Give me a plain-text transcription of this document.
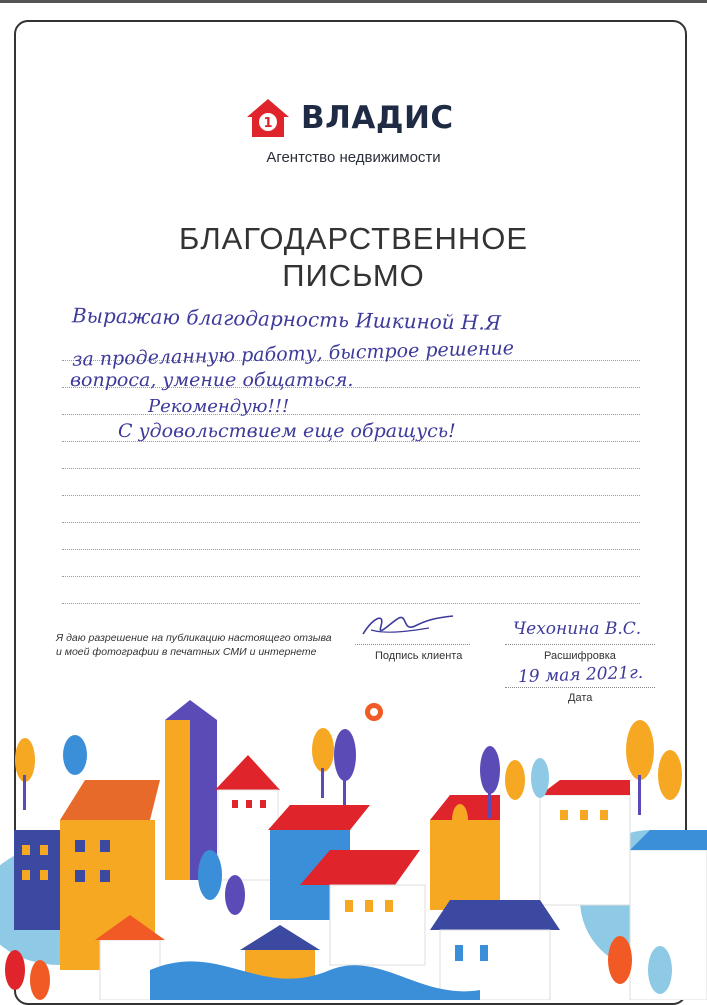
1 ВЛАДИС
Агентство недвижимости
БЛАГОДАРСТВЕННОЕ
ПИСЬМО
Выражаю благодарность Ишкиной Н.Я
за проделанную работу, быстрое решение
вопроса, умение общаться.
Рекомендую!!!
С удовольствием еще обращусь!
Я даю разрешение на публикацию настоящего отзыва
и моей фотографии в печатных СМИ и интернете	Подпись клиента
Чехонина В.С.
Расшифровка
19 мая 2021г.
Дата
